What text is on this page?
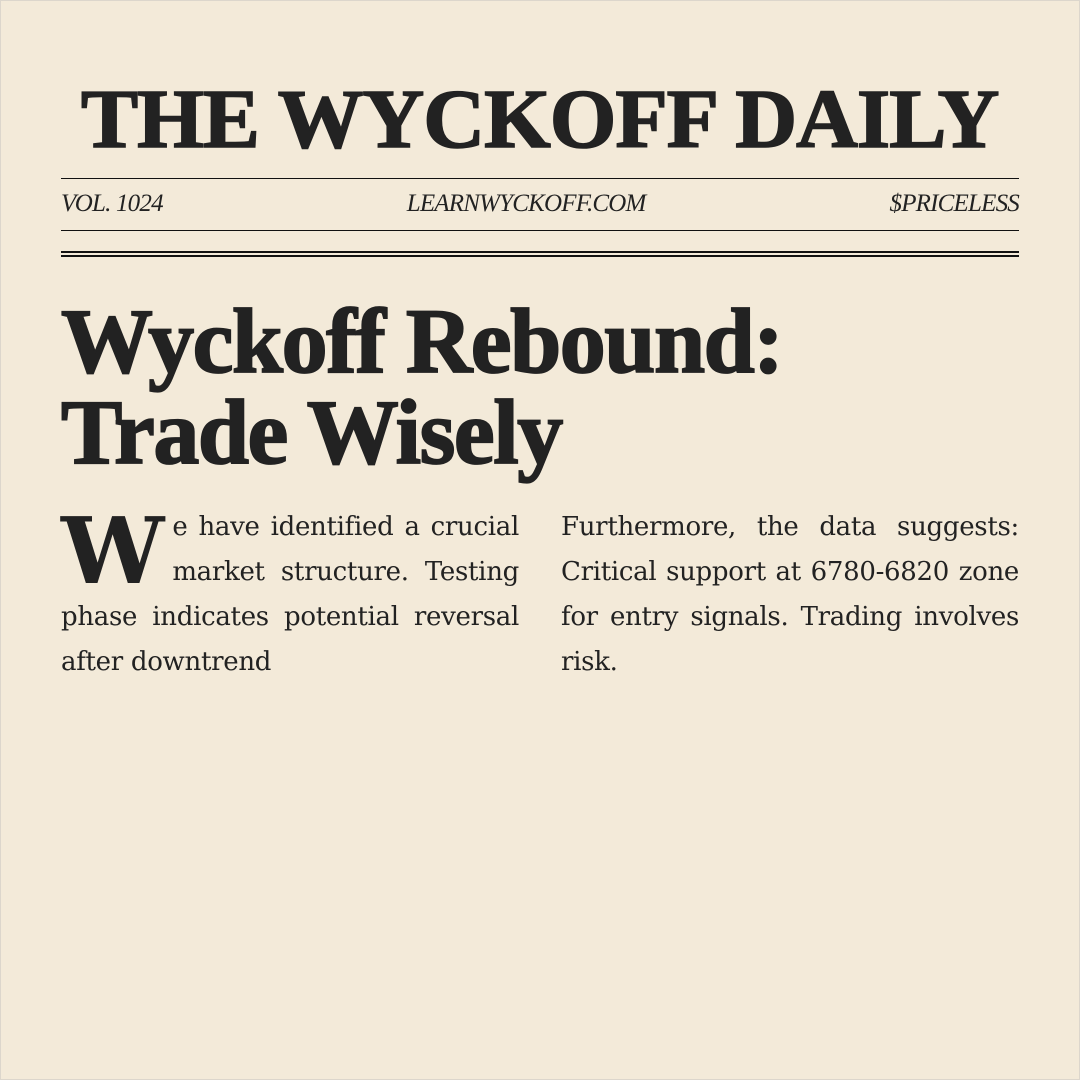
THE WYCKOFF DAILY
VOL. 1024	LEARNWYCKOFF.COM	$PRICELESS
Wyckoff Rebound:
Trade Wisely
We have identified a crucial market structure. Testing phase indicates potential reversal after downtrend
Furthermore, the data suggests: Critical support at 6780-6820 zone for entry signals. Trading involves risk.
